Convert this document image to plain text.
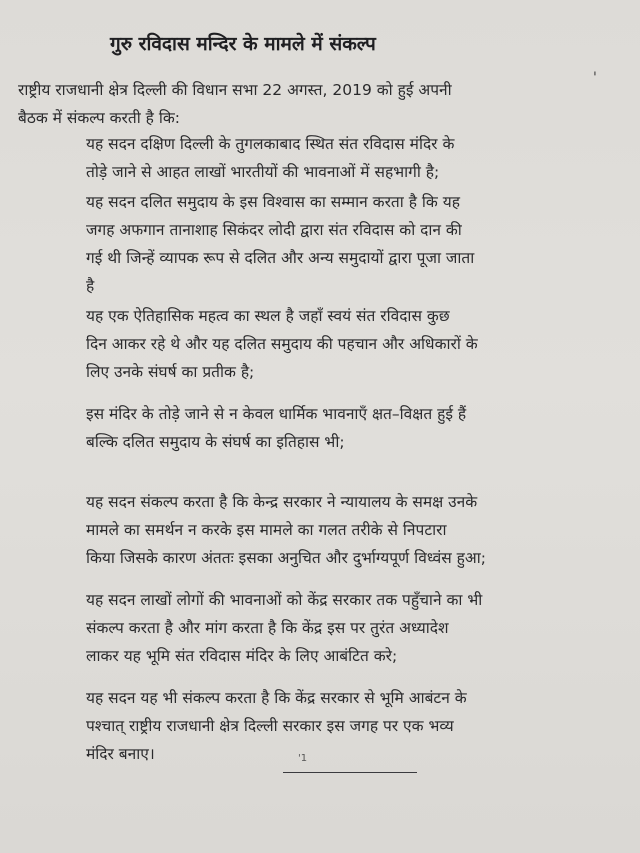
गुरु रविदास मन्दिर के मामले में संकल्प
'
राष्ट्रीय राजधानी क्षेत्र दिल्ली की विधान सभा 22 अगस्त, 2019 को हुई अपनी
बैठक में संकल्प करती है कि:
यह सदन दक्षिण दिल्ली के तुगलकाबाद स्थित संत रविदास मंदिर के
तोड़े जाने से आहत लाखों भारतीयों की भावनाओं में सहभागी है;
यह सदन दलित समुदाय के इस विश्वास का सम्मान करता है कि यह
जगह अफगान तानाशाह सिकंदर लोदी द्वारा संत रविदास को दान की
गई थी जिन्हें व्यापक रूप से दलित और अन्य समुदायों द्वारा पूजा जाता
है
यह एक ऐतिहासिक महत्व का स्थल है जहाँ स्वयं संत रविदास कुछ
दिन आकर रहे थे और यह दलित समुदाय की पहचान और अधिकारों के
लिए उनके संघर्ष का प्रतीक है;
इस मंदिर के तोड़े जाने से न केवल धार्मिक भावनाएँ क्षत–विक्षत हुई हैं
बल्कि दलित समुदाय के संघर्ष का इतिहास भी;
यह सदन संकल्प करता है कि केन्द्र सरकार ने न्यायालय के समक्ष उनके
मामले का समर्थन न करके इस मामले का गलत तरीके से निपटारा
किया जिसके कारण अंततः इसका अनुचित और दुर्भाग्यपूर्ण विध्वंस हुआ;
यह सदन लाखों लोगों की भावनाओं को केंद्र सरकार तक पहुँचाने का भी
संकल्प करता है और मांग करता है कि केंद्र इस पर तुरंत अध्यादेश
लाकर यह भूमि संत रविदास मंदिर के लिए आबंटित करे;
यह सदन यह भी संकल्प करता है कि केंद्र सरकार से भूमि आबंटन के
पश्चात् राष्ट्रीय राजधानी क्षेत्र दिल्ली सरकार इस जगह पर एक भव्य
मंदिर बनाए।	'1
